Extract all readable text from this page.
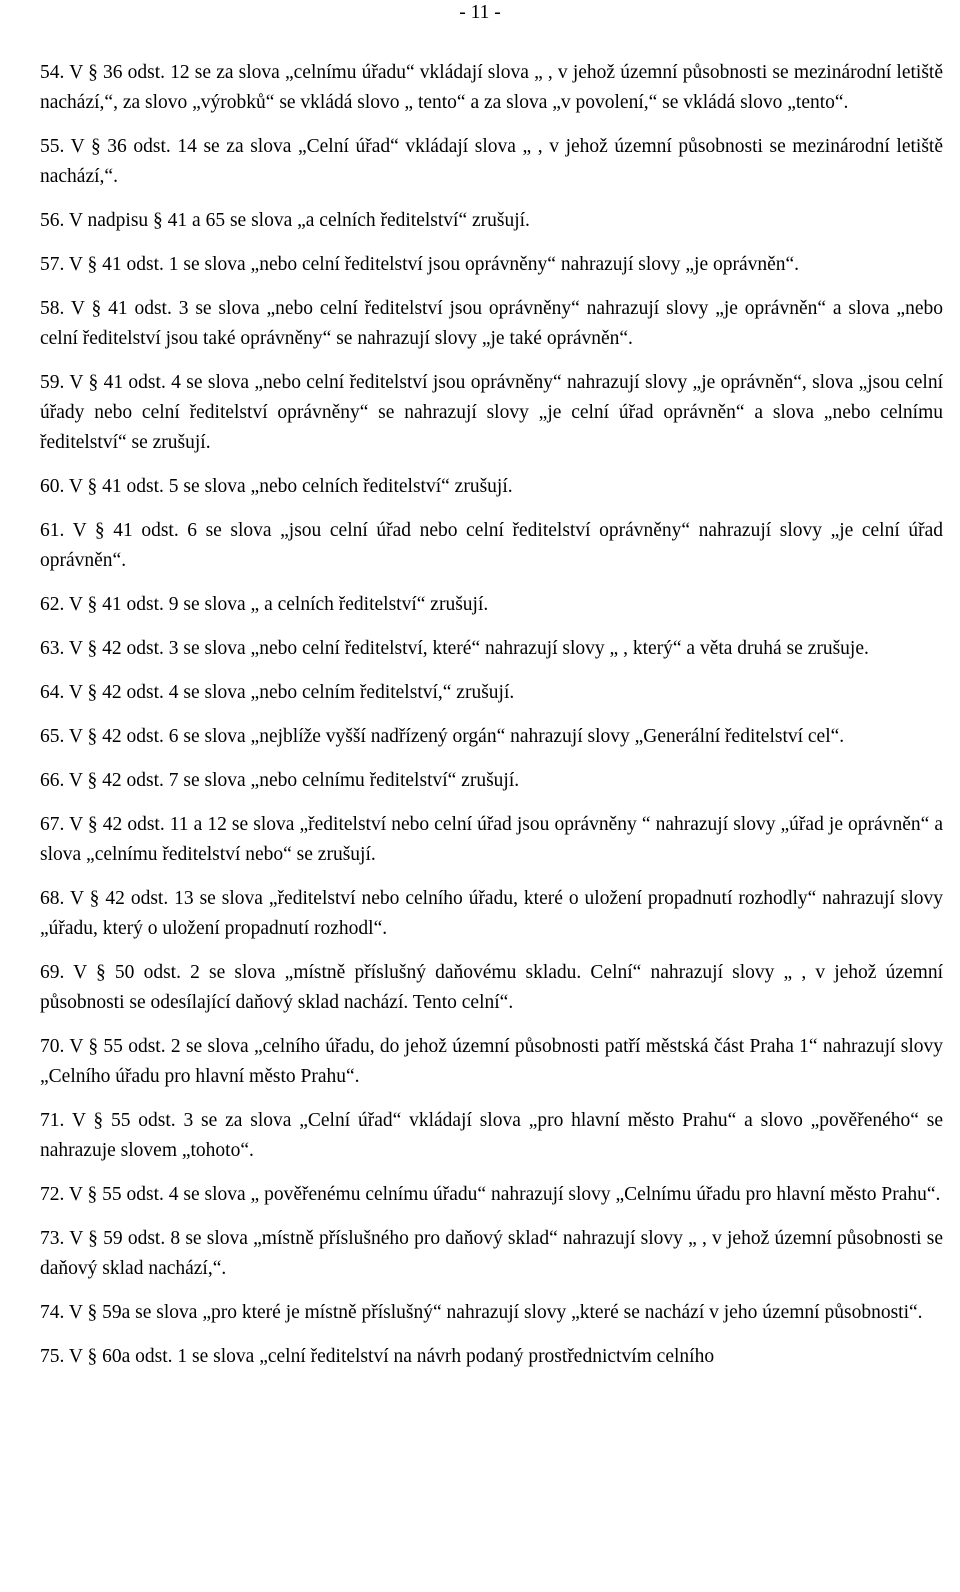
- 11 -
54. V § 36 odst. 12 se za slova „celnímu úřadu“ vkládají slova „ , v jehož územní působnosti se mezinárodní letiště nachází,“, za slovo „výrobků“ se vkládá slovo „ tento“ a za slova „v povolení,“ se vkládá slovo „tento“.
55. V § 36 odst. 14 se za slova „Celní úřad“ vkládají slova „ , v jehož územní působnosti se mezinárodní letiště nachází,“.
56. V nadpisu § 41 a 65 se slova „a celních ředitelství“ zrušují.
57. V § 41 odst. 1 se slova „nebo celní ředitelství jsou oprávněny“ nahrazují slovy „je oprávněn“.
58. V § 41 odst. 3 se slova „nebo celní ředitelství jsou oprávněny“ nahrazují slovy „je oprávněn“ a slova „nebo celní ředitelství jsou také oprávněny“ se nahrazují slovy „je také oprávněn“.
59. V § 41 odst. 4 se slova „nebo celní ředitelství jsou oprávněny“ nahrazují slovy „je oprávněn“, slova „jsou celní úřady nebo celní ředitelství oprávněny“ se nahrazují slovy „je celní úřad oprávněn“ a slova „nebo celnímu ředitelství“ se zrušují.
60. V § 41 odst. 5 se slova „nebo celních ředitelství“ zrušují.
61. V § 41 odst. 6 se slova „jsou celní úřad nebo celní ředitelství oprávněny“ nahrazují slovy „je celní úřad oprávněn“.
62. V § 41 odst. 9 se slova „ a celních ředitelství“ zrušují.
63. V § 42 odst. 3 se slova „nebo celní ředitelství, které“ nahrazují slovy „ , který“ a věta druhá se zrušuje.
64. V § 42 odst. 4 se slova „nebo celním ředitelství,“ zrušují.
65. V § 42 odst. 6 se slova „nejblíže vyšší nadřízený orgán“ nahrazují slovy „Generální ředitelství cel“.
66. V § 42 odst. 7 se slova „nebo celnímu ředitelství“ zrušují.
67. V § 42 odst. 11 a 12 se slova „ředitelství nebo celní úřad jsou oprávněny “ nahrazují slovy „úřad je oprávněn“ a slova „celnímu ředitelství nebo“ se zrušují.
68. V § 42 odst. 13 se slova „ředitelství nebo celního úřadu, které o uložení propadnutí rozhodly“ nahrazují slovy „úřadu, který o uložení propadnutí rozhodl“.
69. V § 50 odst. 2 se slova „místně příslušný daňovému skladu. Celní“ nahrazují slovy „ , v jehož územní působnosti se odesílající daňový sklad nachází. Tento celní“.
70. V § 55 odst. 2 se slova „celního úřadu, do jehož územní působnosti patří městská část Praha 1“ nahrazují slovy „Celního úřadu pro hlavní město Prahu“.
71. V § 55 odst. 3 se za slova „Celní úřad“ vkládají slova „pro hlavní město Prahu“ a slovo „pověřeného“ se nahrazuje slovem „tohoto“.
72. V § 55 odst. 4 se slova „ pověřenému celnímu úřadu“ nahrazují slovy „Celnímu úřadu pro hlavní město Prahu“.
73. V § 59 odst. 8 se slova „místně příslušného pro daňový sklad“ nahrazují slovy „ , v jehož územní působnosti se daňový sklad nachází,“.
74. V § 59a se slova „pro které je místně příslušný“ nahrazují slovy „které se nachází v jeho územní působnosti“.
75. V § 60a odst. 1 se slova „celní ředitelství na návrh podaný prostřednictvím celního
